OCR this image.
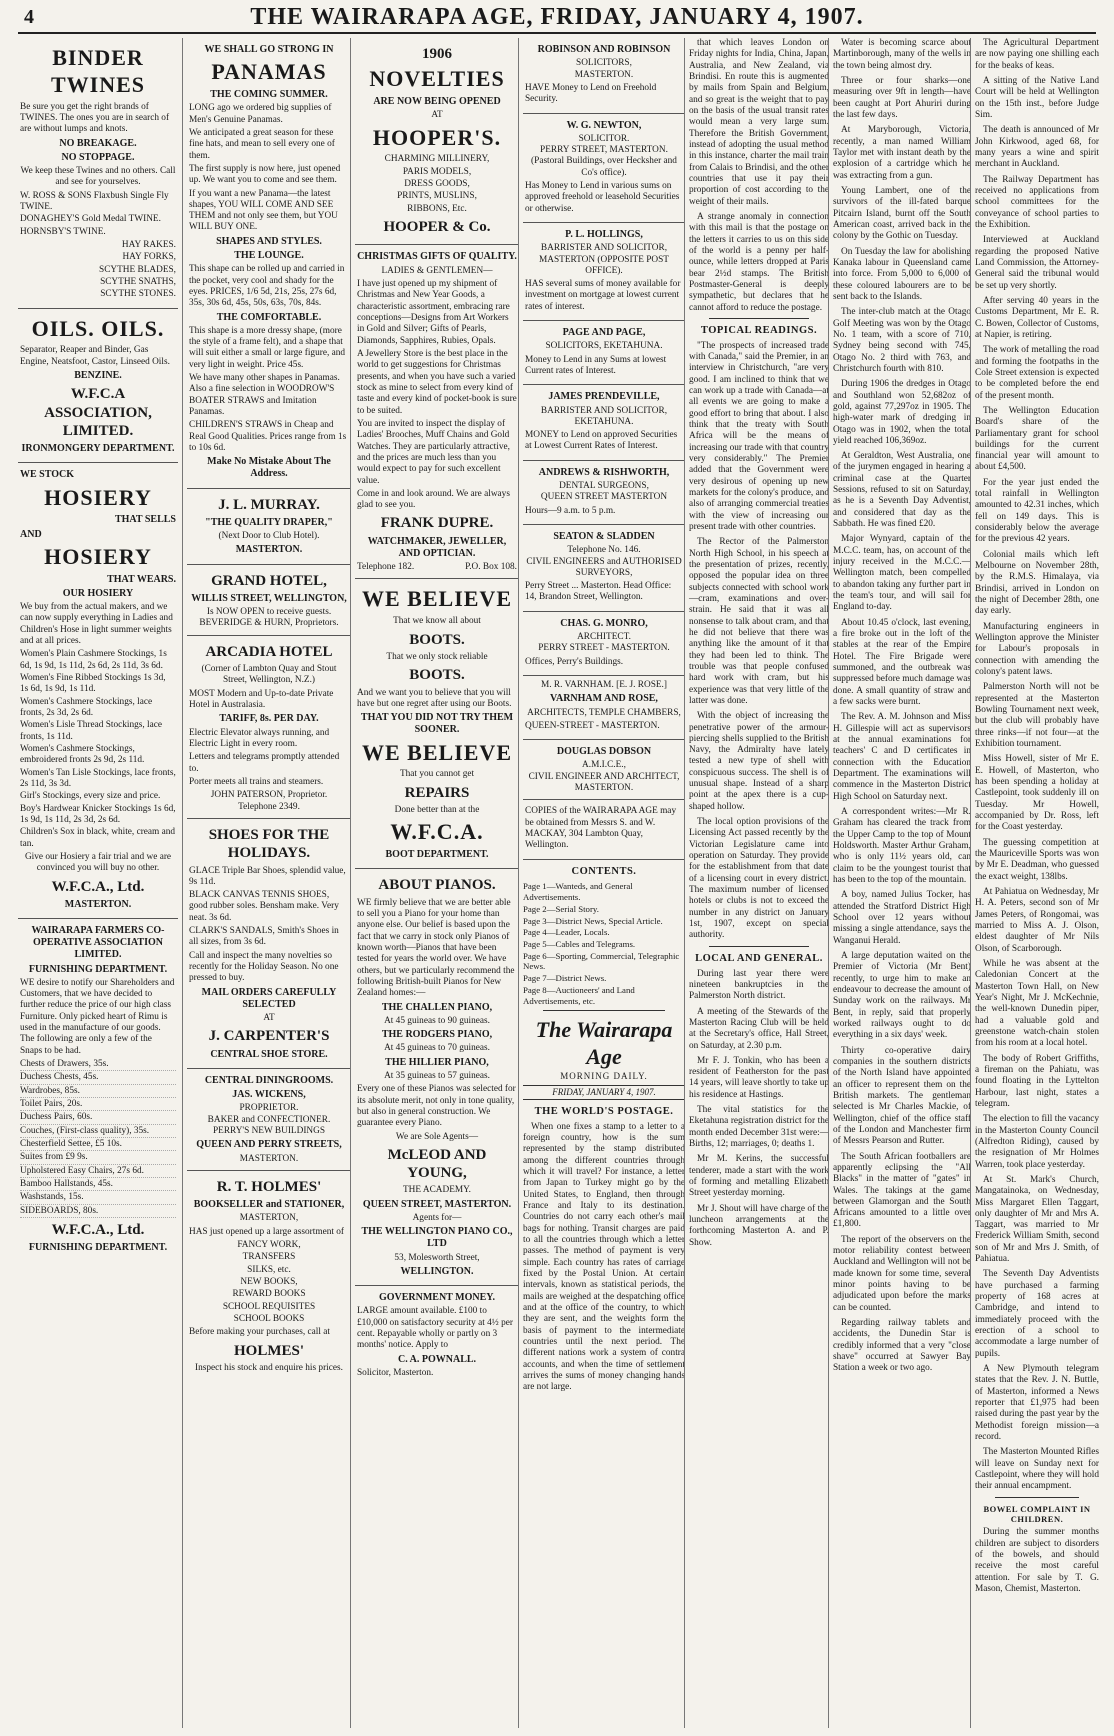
4	THE WAIRARAPA AGE, FRIDAY, JANUARY 4, 1907.
BINDER TWINES

Be sure you get the right brands of TWINES. The ones you are in search of are without lumps and knots.

NO BREAKAGE.
NO STOPPAGE.

We keep these Twines and no others. Call and see for yourselves.

W. ROSS & SONS Flaxbush Single Fly TWINE.
DONAGHEY'S Gold Medal TWINE.
HORNSBY'S TWINE.
HAY RAKES.
HAY FORKS,
SCYTHE BLADES,
SCYTHE SNATHS,
SCYTHE STONES.
OILS. OILS.

Separator, Reaper and Binder, Gas Engine, Neatsfoot, Castor, Linseed Oils.

BENZINE.
W.F.C.A ASSOCIATION, LIMITED.
IRONMONGERY DEPARTMENT.
WE STOCK
HOSIERY
THAT SELLS
AND
HOSIERY
THAT WEARS.
OUR HOSIERY

We buy from the actual makers, and we can now supply everything in Ladies and Children's Hose in light summer weights and at all prices.

Women's Plain Cashmere Stockings, 1s 6d, 1s 9d, 1s 11d, 2s 6d, 2s 11d, 3s 6d.
Women's Fine Ribbed Stockings 1s 3d, 1s 6d, 1s 9d, 1s 11d.
Women's Cashmere Stockings, lace fronts, 2s 3d, 2s 6d.
Women's Lisle Thread Stockings, lace fronts, 1s 11d.
Women's Cashmere Stockings, embroidered fronts 2s 9d, 2s 11d.
Women's Tan Lisle Stockings, lace fronts, 2s 11d, 3s 3d.
Girl's Stockings, every size and price.
Boy's Hardwear Knicker Stockings 1s 6d, 1s 9d, 1s 11d, 2s 3d, 2s 6d.
Children's Sox in black, white, cream and tan.

Give our Hosiery a fair trial and we are convinced you will buy no other.

W.F.C.A., Ltd.
MASTERTON.
WAIRARAPA FARMERS CO-OPERATIVE ASSOCIATION LIMITED.
FURNISHING DEPARTMENT.

WE desire to notify our Shareholders and Customers, that we have decided to further reduce the price of our high class Furniture. Only picked heart of Rimu is used in the manufacture of our goods. The following are only a few of the Snaps to be had.

Chests of Drawers, 35s.
Duchess Chests, 45s.
Wardrobes, 85s.
Toilet Pairs, 20s.
Duchess Pairs, 60s.
Couches, (First-class quality), 35s.
Chesterfield Settee, £5 10s.
Suites from £9 9s.
Upholstered Easy Chairs, 27s 6d.
Bamboo Hallstands, 45s.
Washstands, 15s.
SIDEBOARDS, 80s.
W.F.C.A., Ltd.
FURNISHING DEPARTMENT.
WE SHALL GO STRONG IN
PANAMAS
THE COMING SUMMER.

LONG ago we ordered big supplies of Men's Genuine Panamas.

We anticipated a great season for these fine hats, and mean to sell every one of them.

The first supply is now here, just opened up. We want you to come and see them.

If you want a new Panama—the latest shapes, YOU WILL COME AND SEE THEM and not only see them, but YOU WILL BUY ONE.

SHAPES AND STYLES.
THE LOUNGE.

This shape can be rolled up and carried in the pocket, very cool and shady for the eyes. PRICES, 1/6 5d, 21s, 25s, 27s 6d, 35s, 30s 6d, 45s, 50s, 63s, 70s, 84s.

THE COMFORTABLE.

This shape is a more dressy shape, (more the style of a frame felt), and a shape that will suit either a small or large figure, and very light in weight. Price 45s.

We have many other shapes in Panamas. Also a fine selection in WOODROW'S BOATER STRAWS and Imitation Panamas.

CHILDREN'S STRAWS in Cheap and Real Good Qualities. Prices range from 1s to 10s 6d.

Make No Mistake About The Address.
J. L. MURRAY.
"THE QUALITY DRAPER,"
(Next Door to Club Hotel).
MASTERTON.
GRAND HOTEL,
WILLIS STREET, WELLINGTON,
Is NOW OPEN to receive guests.
BEVERIDGE & HURN, Proprietors.
ARCADIA HOTEL
(Corner of Lambton Quay and Stout Street, Wellington, N.Z.)

MOST Modern and Up-to-date Private Hotel in Australasia.

TARIFF, 8s. PER DAY.

Electric Elevator always running, and Electric Light in every room.

Letters and telegrams promptly attended to.

Porter meets all trains and steamers.

JOHN PATERSON, Proprietor.
Telephone 2349.
SHOES FOR THE HOLIDAYS.

GLACE Triple Bar Shoes, splendid value, 9s 11d.

BLACK CANVAS TENNIS SHOES, good rubber soles. Bensham make. Very neat. 3s 6d.

CLARK'S SANDALS, Smith's Shoes in all sizes, from 3s 6d.

Call and inspect the many novelties so recently for the Holiday Season. No one pressed to buy.

MAIL ORDERS CAREFULLY SELECTED
AT
J. CARPENTER'S
CENTRAL SHOE STORE.
CENTRAL DININGROOMS.
JAS. WICKENS,
PROPRIETOR.
BAKER and CONFECTIONER.
PERRY'S NEW BUILDINGS
QUEEN AND PERRY STREETS,
MASTERTON.
R. T. HOLMES'
BOOKSELLER and STATIONER,
MASTERTON,

HAS just opened up a large assortment of

FANCY WORK,
TRANSFERS
SILKS, etc.
NEW BOOKS,
REWARD BOOKS
SCHOOL REQUISITES
SCHOOL BOOKS

Before making your purchases, call at

HOLMES'
Inspect his stock and enquire his prices.
1906
NOVELTIES
ARE NOW BEING OPENED
AT
HOOPER'S.
CHARMING MILLINERY,
PARIS MODELS,
DRESS GOODS,
PRINTS, MUSLINS,
RIBBONS, Etc.
HOOPER & Co.
CHRISTMAS GIFTS OF QUALITY.
LADIES & GENTLEMEN—

I have just opened up my shipment of Christmas and New Year Goods, a characteristic assortment, embracing rare conceptions—Designs from Art Workers in Gold and Silver; Gifts of Pearls, Diamonds, Sapphires, Rubies, Opals.

A Jewellery Store is the best place in the world to get suggestions for Christmas presents, and when you have such a varied stock as mine to select from every kind of taste and every kind of pocket-book is sure to be suited.

You are invited to inspect the display of Ladies' Brooches, Muff Chains and Gold Watches. They are particularly attractive, and the prices are much less than you would expect to pay for such excellent value.

Come in and look around. We are always glad to see you.

FRANK DUPRE.
WATCHMAKER, JEWELLER, AND OPTICIAN.
Telephone 182.	P.O. Box 108.
WE BELIEVE
That we know all about
BOOTS.
That we only stock reliable
BOOTS.

And we want you to believe that you will have but one regret after using our Boots.

THAT YOU DID NOT TRY THEM SOONER.
WE BELIEVE
That you cannot get
REPAIRS
Done better than at the
W.F.C.A.
BOOT DEPARTMENT.
ABOUT PIANOS.

WE firmly believe that we are better able to sell you a Piano for your home than anyone else. Our belief is based upon the fact that we carry in stock only Pianos of known worth—Pianos that have been tested for years the world over. We have others, but we particularly recommend the following British-built Pianos for New Zealand homes:—

THE CHALLEN PIANO,
At 45 guineas to 90 guineas.
THE RODGERS PIANO,
At 45 guineas to 70 guineas.
THE HILLIER PIANO,
At 35 guineas to 57 guineas.

Every one of these Pianos was selected for its absolute merit, not only in tone quality, but also in general construction. We guarantee every Piano.

We are Sole Agents—
McLEOD AND YOUNG,
THE ACADEMY.
QUEEN STREET, MASTERTON.
Agents for—
THE WELLINGTON PIANO CO., LTD
53, Molesworth Street,
WELLINGTON.
GOVERNMENT MONEY.

LARGE amount available. £100 to £10,000 on satisfactory security at 4½ per cent. Repayable wholly or partly on 3 months' notice. Apply to

C. A. POWNALL.
Solicitor, Masterton.
ROBINSON AND ROBINSON
SOLICITORS,
MASTERTON.

HAVE Money to Lend on Freehold Security.

W. G. NEWTON,
SOLICITOR.
PERRY STREET, MASTERTON. (Pastoral Buildings, over Hecksher and Co's office).

Has Money to Lend in various sums on approved freehold or leasehold Securities or otherwise.

P. L. HOLLINGS,
BARRISTER AND SOLICITOR,
MASTERTON (OPPOSITE POST OFFICE).

HAS several sums of money available for investment on mortgage at lowest current rates of interest.

PAGE AND PAGE,
SOLICITORS, EKETAHUNA.

Money to Lend in any Sums at lowest Current rates of Interest.

JAMES PRENDEVILLE,
BARRISTER AND SOLICITOR,
EKETAHUNA.

MONEY to Lend on approved Securities at Lowest Current Rates of Interest.

ANDREWS & RISHWORTH,
DENTAL SURGEONS,
QUEEN STREET MASTERTON

Hours—9 a.m. to 5 p.m.

SEATON & SLADDEN
Telephone No. 146.
CIVIL ENGINEERS and AUTHORISED SURVEYORS,

Perry Street ... Masterton. Head Office: 14, Brandon Street, Wellington.

CHAS. G. MONRO,
ARCHITECT.
PERRY STREET - MASTERTON.

Offices, Perry's Buildings.

M. R. VARNHAM. [E. J. ROSE.]
VARNHAM AND ROSE,
ARCHITECTS, TEMPLE CHAMBERS,

QUEEN-STREET - MASTERTON.

DOUGLAS DOBSON
A.M.I.C.E.,
CIVIL ENGINEER AND ARCHITECT,
MASTERTON.

COPIES of the WAIRARAPA AGE may be obtained from Messrs S. and W. MACKAY, 304 Lambton Quay, Wellington.

CONTENTS.
Page 1—Wanteds, and General Advertisements.
Page 2—Serial Story.
Page 3—District News, Special Article.
Page 4—Leader, Locals.
Page 5—Cables and Telegrams.
Page 6—Sporting, Commercial, Telegraphic News.
Page 7—District News.
Page 8—Auctioneers' and Land Advertisements, etc.
The Wairarapa Age
MORNING DAILY.
FRIDAY, JANUARY 4, 1907.
THE WORLD'S POSTAGE.

When one fixes a stamp to a letter to a foreign country, how is the sum represented by the stamp distributed among the different countries through which it will travel? For instance, a letter from Japan to Turkey might go by the United States, to England, then through France and Italy to its destination. Countries do not carry each other's mail bags for nothing. Transit charges are paid to all the countries through which a letter passes. The method of payment is very simple. Each country has rates of carriage fixed by the Postal Union. At certain intervals, known as statistical periods, the mails are weighed at the despatching office and at the office of the country, to which they are sent, and the weights form the basis of payment to the intermediate countries until the next period. The different nations work a system of contra accounts, and when the time of settlement arrives the sums of money changing hands are not large.

that which leaves London on Friday nights for India, China, Japan, Australia, and New Zealand, via Brindisi. En route this is augmented by mails from Spain and Belgium, and so great is the weight that to pay on the basis of the usual transit rates would mean a very large sum. Therefore the British Government, instead of adopting the usual method in this instance, charter the mail train from Calais to Brindisi, and the other countries that use it pay their proportion of cost according to the weight of their mails.

A strange anomaly in connection with this mail is that the postage on the letters it carries to us on this side of the world is a penny per half-ounce, while letters dropped at Paris bear 2½d stamps. The British Postmaster-General is deeply sympathetic, but declares that he cannot afford to reduce the postage.

TOPICAL READINGS.

"The prospects of increased trade with Canada," said the Premier, in an interview in Christchurch, "are very good. I am inclined to think that we can work up a trade with Canada—at all events we are going to make a good effort to bring that about. I also think that the treaty with South Africa will be the means of increasing our trade with that country very considerably." The Premier added that the Government were very desirous of opening up new markets for the colony's produce, and also of arranging commercial treaties with the view of increasing our present trade with other countries.

The Rector of the Palmerston North High School, in his speech at the presentation of prizes, recently, opposed the popular idea on three subjects connected with school work —cram, examinations and over-strain. He said that it was all nonsense to talk about cram, and that he did not believe that there was anything like the amount of it that they had been led to think. The trouble was that people confused hard work with cram, but his experience was that very little of the latter was done.

With the object of increasing the penetrative power of the armour-piercing shells supplied to the British Navy, the Admiralty have lately tested a new type of shell with conspicuous success. The shell is of unusual shape. Instead of a sharp point at the apex there is a cup-shaped hollow.

The local option provisions of the Licensing Act passed recently by the Victorian Legislature came into operation on Saturday. They provide for the establishment from that date of a licensing court in every district. The maximum number of licensed hotels or clubs is not to exceed the number in any district on January 1st, 1907, except on special authority.

LOCAL AND GENERAL.

During last year there were nineteen bankruptcies in the Palmerston North district.

A meeting of the Stewards of the Masterton Racing Club will be held at the Secretary's office, Hall Street, on Saturday, at 2.30 p.m.

Mr F. J. Tonkin, who has been a resident of Featherston for the past 14 years, will leave shortly to take up his residence at Hastings.

The vital statistics for the Eketahuna registration district for the month ended December 31st were:—Births, 12; marriages, 0; deaths 1.

Mr M. Kerins, the successful tenderer, made a start with the work of forming and metalling Elizabeth Street yesterday morning.

Mr J. Shout will have charge of the luncheon arrangements at the forthcoming Masterton A. and P. Show.

Water is becoming scarce about Martinborough, many of the wells in the town being almost dry.

Three or four sharks—one measuring over 9ft in length—have been caught at Port Ahuriri during the last few days.

At Maryborough, Victoria, recently, a man named William Taylor met with instant death by the explosion of a cartridge which he was extracting from a gun.

Young Lambert, one of the survivors of the ill-fated barque Pitcairn Island, burnt off the South American coast, arrived back in the colony by the Gothic on Tuesday.

On Tuesday the law for abolishing Kanaka labour in Queensland came into force. From 5,000 to 6,000 of these coloured labourers are to be sent back to the Islands.

The inter-club match at the Otago Golf Meeting was won by the Otago No. 1 team, with a score of 710, Sydney being second with 745, Otago No. 2 third with 763, and Christchurch fourth with 810.

During 1906 the dredges in Otago and Southland won 52,682oz of gold, against 77,297oz in 1905. The high-water mark of dredging in Otago was in 1902, when the total yield reached 106,369oz.

At Geraldton, West Australia, one of the jurymen engaged in hearing a criminal case at the Quarter Sessions, refused to sit on Saturday, as he is a Seventh Day Adventist, and considered that day as the Sabbath. He was fined £20.

Major Wynyard, captain of the M.C.C. team, has, on account of the injury received in the M.C.C.—Wellington match, been compelled to abandon taking any further part in the team's tour, and will sail for England to-day.

About 10.45 o'clock, last evening, a fire broke out in the loft of the stables at the rear of the Empire Hotel. The Fire Brigade were summoned, and the outbreak was suppressed before much damage was done. A small quantity of straw and a few sacks were burnt.

The Rev. A. M. Johnson and Miss H. Gillespie will act as supervisors at the annual examinations for teachers' C and D certificates in connection with the Education Department. The examinations will commence in the Masterton District High School on Saturday next.

A correspondent writes:—Mr R. Graham has cleared the track from the Upper Camp to the top of Mount Holdsworth. Master Arthur Graham, who is only 11½ years old, can claim to be the youngest tourist that has been to the top of the mountain.

A boy, named Julius Tocker, has attended the Stratford District High School over 12 years without missing a single attendance, says the Wanganui Herald.

A large deputation waited on the Premier of Victoria (Mr Bent) recently, to urge him to make an endeavour to decrease the amount of Sunday work on the railways. Mr Bent, in reply, said that properly worked railways ought to do everything in a six days' week.

Thirty co-operative dairy companies in the southern districts of the North Island have appointed an officer to represent them on the British markets. The gentleman selected is Mr Charles Mackie, of Wellington, chief of the office staff of the London and Manchester firm of Messrs Pearson and Rutter.

The South African footballers are apparently eclipsing the "All Blacks" in the matter of "gates" in Wales. The takings at the game between Glamorgan and the South Africans amounted to a little over £1,800.

The report of the observers on the motor reliability contest between Auckland and Wellington will not be made known for some time, several minor points having to be adjudicated upon before the marks can be counted.

Regarding railway tablets and accidents, the Dunedin Star is credibly informed that a very "close shave" occurred at Sawyer Bay Station a week or two ago.

The Agricultural Department are now paying one shilling each for the beaks of keas.

A sitting of the Native Land Court will be held at Wellington on the 15th inst., before Judge Sim.

The death is announced of Mr John Kirkwood, aged 68, for many years a wine and spirit merchant in Auckland.

The Railway Department has received no applications from school committees for the conveyance of school parties to the Exhibition.

Interviewed at Auckland regarding the proposed Native Land Commission, the Attorney-General said the tribunal would be set up very shortly.

After serving 40 years in the Customs Department, Mr E. R. C. Bowen, Collector of Customs, at Napier, is retiring.

The work of metalling the road and forming the footpaths in the Cole Street extension is expected to be completed before the end of the present month.

The Wellington Education Board's share of the Parliamentary grant for school buildings for the current financial year will amount to about £4,500.

For the year just ended the total rainfall in Wellington amounted to 42.31 inches, which fell on 149 days. This is considerably below the average for the previous 42 years.

Colonial mails which left Melbourne on November 28th, by the R.M.S. Himalaya, via Brindisi, arrived in London on the night of December 28th, one day early.

Manufacturing engineers in Wellington approve the Minister for Labour's proposals in connection with amending the colony's patent laws.

Palmerston North will not be represented at the Masterton Bowling Tournament next week, but the club will probably have three rinks—if not four—at the Exhibition tournament.

Miss Howell, sister of Mr E. E. Howell, of Masterton, who has been spending a holiday at Castlepoint, took suddenly ill on Tuesday. Mr Howell, accompanied by Dr. Ross, left for the Coast yesterday.

The guessing competition at the Mauriceville Sports was won by Mr E. Deadman, who guessed the exact weight, 138lbs.

At Pahiatua on Wednesday, Mr H. A. Peters, second son of Mr James Peters, of Rongomai, was married to Miss A. J. Olson, eldest daughter of Mr Nils Olson, of Scarborough.

While he was absent at the Caledonian Concert at the Masterton Town Hall, on New Year's Night, Mr J. McKechnie, the well-known Dunedin piper, had a valuable gold and greenstone watch-chain stolen from his room at a local hotel.

The body of Robert Griffiths, a fireman on the Pahiatu, was found floating in the Lyttelton Harbour, last night, states a telegram.

The election to fill the vacancy in the Masterton County Council (Alfredton Riding), caused by the resignation of Mr Holmes Warren, took place yesterday.

At St. Mark's Church, Mangatainoka, on Wednesday, Miss Margaret Ellen Taggart, only daughter of Mr and Mrs A. Taggart, was married to Mr Frederick William Smith, second son of Mr and Mrs J. Smith, of Pahiatua.

The Seventh Day Adventists have purchased a farming property of 168 acres at Cambridge, and intend to immediately proceed with the erection of a school to accommodate a large number of pupils.

A New Plymouth telegram states that the Rev. J. N. Buttle, of Masterton, informed a News reporter that £1,975 had been raised during the past year by the Methodist foreign mission—a record.

The Masterton Mounted Rifles will leave on Sunday next for Castlepoint, where they will hold their annual encampment.

BOWEL COMPLAINT IN CHILDREN.

During the summer months children are subject to disorders of the bowels, and should receive the most careful attention. For sale by T. G. Mason, Chemist, Masterton.
